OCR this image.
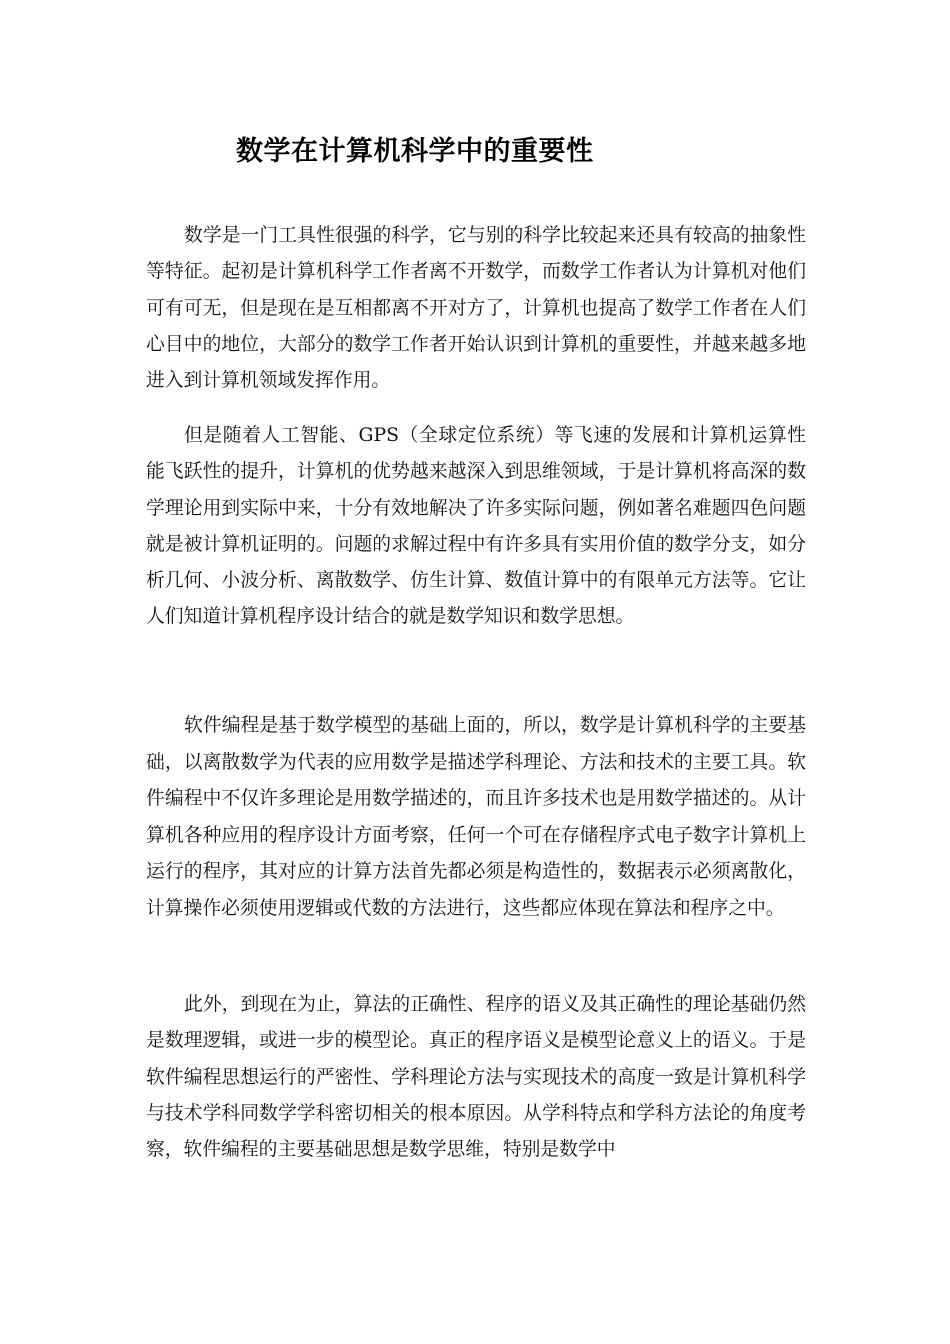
数学在计算机科学中的重要性

数学是一门工具性很强的科学，它与别的科学比较起来还具有较高的抽象性等特征。起初是计算机科学工作者离不开数学，而数学工作者认为计算机对他们可有可无，但是现在是互相都离不开对方了，计算机也提高了数学工作者在人们心目中的地位，大部分的数学工作者开始认识到计算机的重要性，并越来越多地进入到计算机领域发挥作用。

但是随着人工智能、GPS（全球定位系统）等飞速的发展和计算机运算性能飞跃性的提升，计算机的优势越来越深入到思维领域，于是计算机将高深的数学理论用到实际中来，十分有效地解决了许多实际问题，例如著名难题四色问题就是被计算机证明的。问题的求解过程中有许多具有实用价值的数学分支，如分析几何、小波分析、离散数学、仿生计算、数值计算中的有限单元方法等。它让人们知道计算机程序设计结合的就是数学知识和数学思想。

软件编程是基于数学模型的基础上面的，所以，数学是计算机科学的主要基础，以离散数学为代表的应用数学是描述学科理论、方法和技术的主要工具。软件编程中不仅许多理论是用数学描述的，而且许多技术也是用数学描述的。从计算机各种应用的程序设计方面考察，任何一个可在存储程序式电子数字计算机上运行的程序，其对应的计算方法首先都必须是构造性的，数据表示必须离散化，计算操作必须使用逻辑或代数的方法进行，这些都应体现在算法和程序之中。

此外，到现在为止，算法的正确性、程序的语义及其正确性的理论基础仍然是数理逻辑，或进一步的模型论。真正的程序语义是模型论意义上的语义。于是软件编程思想运行的严密性、学科理论方法与实现技术的高度一致是计算机科学与技术学科同数学学科密切相关的根本原因。从学科特点和学科方法论的角度考察，软件编程的主要基础思想是数学思维，特别是数学中
